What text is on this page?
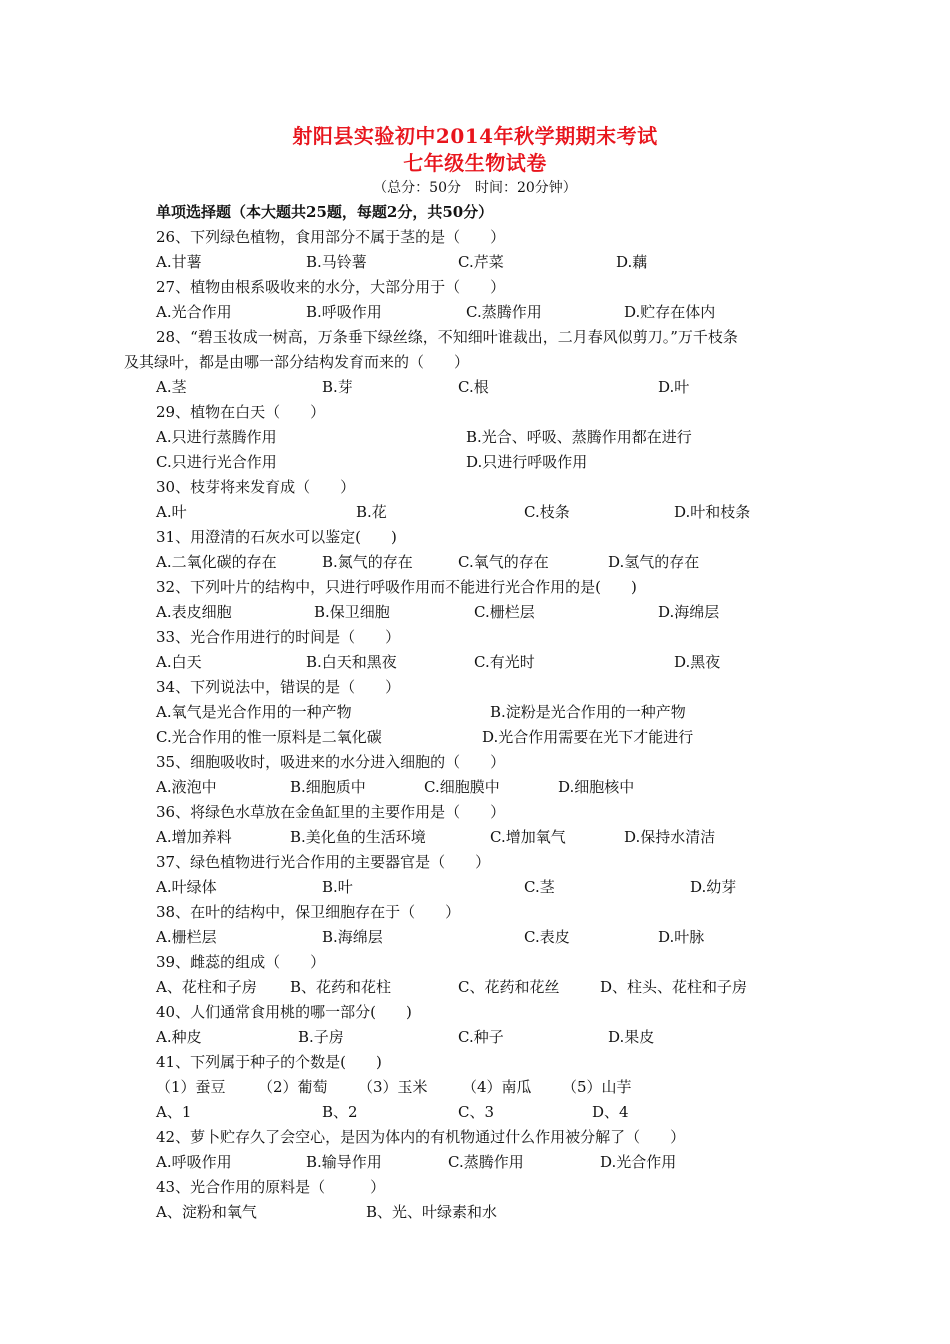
射阳县实验初中2014年秋学期期末考试
七年级生物试卷
（总分：50分　时间：20分钟）
单项选择题（本大题共25题，每题2分，共50分）
26、下列绿色植物，食用部分不属于茎的是（　　）
A.甘薯	B.马铃薯	C.芹菜	D.藕
27、植物由根系吸收来的水分，大部分用于（　　）
A.光合作用	B.呼吸作用	C.蒸腾作用	D.贮存在体内
28、“碧玉妆成一树高，万条垂下绿丝绦，不知细叶谁裁出，二月春风似剪刀。”万千枝条
及其绿叶，都是由哪一部分结构发育而来的（　　）
A.茎	B.芽	C.根	D.叶
29、植物在白天（　　）
A.只进行蒸腾作用	B.光合、呼吸、蒸腾作用都在进行
C.只进行光合作用	D.只进行呼吸作用
30、枝芽将来发育成（　　）
A.叶	B.花	C.枝条	D.叶和枝条
31、用澄清的石灰水可以鉴定(　　)
A.二氧化碳的存在	B.氮气的存在	C.氧气的存在	D.氢气的存在
32、下列叶片的结构中，只进行呼吸作用而不能进行光合作用的是(　　)
A.表皮细胞	B.保卫细胞	C.栅栏层	D.海绵层
33、光合作用进行的时间是（　　）
A.白天	B.白天和黑夜	C.有光时	D.黑夜
34、下列说法中，错误的是（　　）
A.氧气是光合作用的一种产物	B.淀粉是光合作用的一种产物
C.光合作用的惟一原料是二氧化碳	D.光合作用需要在光下才能进行
35、细胞吸收时，吸进来的水分进入细胞的（　　）
A.液泡中	B.细胞质中	C.细胞膜中	D.细胞核中
36、将绿色水草放在金鱼缸里的主要作用是（　　）
A.增加养料	B.美化鱼的生活环境	C.增加氧气	D.保持水清洁
37、绿色植物进行光合作用的主要器官是（　　）
A.叶绿体	B.叶	C.茎	D.幼芽
38、在叶的结构中，保卫细胞存在于（　　）
A.栅栏层	B.海绵层	C.表皮	D.叶脉
39、雌蕊的组成（　　）
A、花柱和子房 B、花药和花柱	C、花药和花丝	D、柱头、花柱和子房
40、人们通常食用桃的哪一部分(　　)
A.种皮	B.子房	C.种子	D.果皮
41、下列属于种子的个数是(　　)
（1）蚕豆 （2）葡萄 （3）玉米 （4）南瓜 （5）山芋
A、1	B、2	C、3	D、4
42、萝卜贮存久了会空心，是因为体内的有机物通过什么作用被分解了（　　）
A.呼吸作用	B.输导作用	C.蒸腾作用	D.光合作用
43、光合作用的原料是（　　　）
A、淀粉和氧气	B、光、叶绿素和水
